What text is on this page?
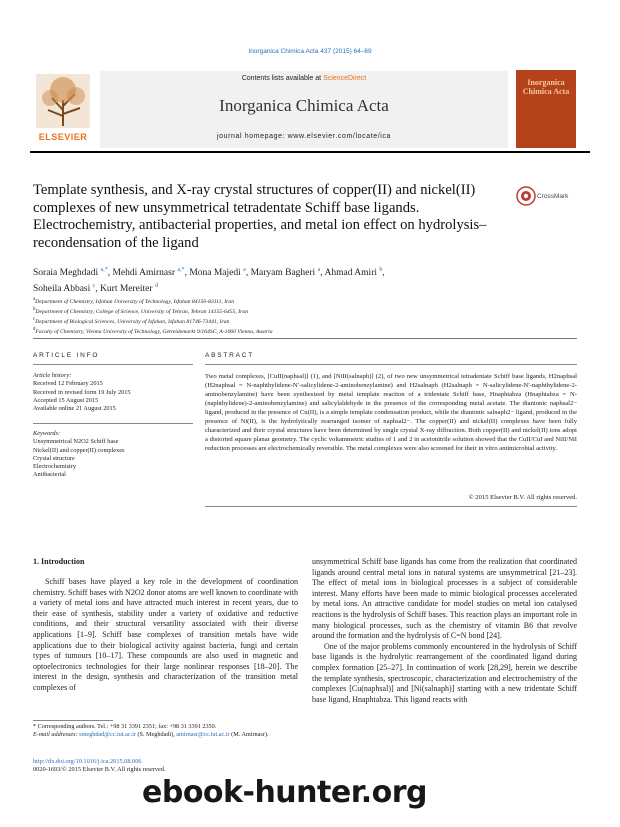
Inorganica Chimica Acta 437 (2015) 64–69
ELSEVIER
Contents lists available at ScienceDirect
Inorganica Chimica Acta
journal homepage: www.elsevier.com/locate/ica
Inorganica Chimica Acta
Template synthesis, and X-ray crystal structures of copper(II) and nickel(II) complexes of new unsymmetrical tetradentate Schiff base ligands. Electrochemistry, antibacterial properties, and metal ion effect on hydrolysis–recondensation of the ligand
CrossMark
Soraia Meghdadi $^{a,*}$, Mehdi Amirnasr $^{a,*}$, Mona Majedi $^a$, Maryam Bagheri $^a$, Ahmad Amiri $^b$,
Soheila Abbasi $^c$, Kurt Mereiter $^d$
$^a$Department of Chemistry, Isfahan University of Technology, Isfahan 84156-83111, Iran
$^b$Department of Chemistry, College of Science, University of Tehran, Tehran 14155-6455, Iran
$^c$Department of Biological Sciences, University of Isfahan, Isfahan 81746-73441, Iran
$^d$Faculty of Chemistry, Vienna University of Technology, Getreidemarkt 9/164SC, A-1060 Vienna, Austria
ARTICLE INFO	ABSTRACT
Article history:
Received 12 February 2015
Received in revised form 19 July 2015
Accepted 15 August 2015
Available online 21 August 2015
Keywords:
Unsymmetrical N2O2 Schiff base
Nickel(II) and copper(II) complexes
Crystal structure
Electrochemistry
Antibacterial

Two metal complexes, [CuII(naphsal)] (1), and [NiII(salnaph)] (2), of two new unsymmetrical tetradentate Schiff base ligands, H2naphsal (H2naphsal = N-naphthylidene-N′-salicylidene-2-aminobenzylamine) and H2salnaph (H2salnaph = N-salicylidene-N′-naphthylidene-2-aminobenzylamine) have been synthesized by metal template reaction of a tridentate Schiff base, Hnaphtabza (Hnaphtabza = N-(naphthylidene)-2-aminobenzylamine) and salicylaldehyde in the presence of the corresponding metal acetate. The dianionic naphsal2− ligand, produced in the presence of Cu(II), is a simple template condensation product, while the dianionic salnaph2− ligand, produced in the presence of Ni(II), is the hydrolytically rearranged isomer of naphsal2−. The copper(II) and nickel(II) complexes have been fully characterized and their crystal structures have been determined by single crystal X-ray diffraction. Both copper(II) and nickel(II) ions adopt a distorted square planar geometry. The cyclic voltammetric studies of 1 and 2 in acetonitrile solution showed that the CuII/CuI and NiII/NiI reduction processes are electrochemically reversible. The metal complexes were also screened for their in vitro antimicrobial activity.

© 2015 Elsevier B.V. All rights reserved.
1. Introduction

Schiff bases have played a key role in the development of coordination chemistry. Schiff bases with N2O2 donor atoms are well known to coordinate with a variety of metal ions and have attracted much interest in recent years, due to their ease of synthesis, stability under a variety of oxidative and reductive conditions, and their structural versatility associated with their diverse applications [1–9]. Schiff base complexes of transition metals have wide applications due to their biological activity against bacteria, fungi and certain types of tumours [10–17]. These compounds are also used in magnetic and optoelectronics technologies for their large nonlinear responses [18–20]. The interest in the design, synthesis and characterization of the transition metal complexes of

unsymmetrical Schiff base ligands has come from the realization that coordinated ligands around central metal ions in natural systems are unsymmetrical [21–23]. The effect of metal ions in biological processes is a subject of considerable interest. Many efforts have been made to mimic biological processes accelerated by metal ions. An attractive candidate for model studies on metal ion catalysed reactions is the hydrolysis of Schiff bases. This reaction plays an important role in many biological processes, such as the chemistry of vitamin B6 that revolve around the formation and the hydrolysis of C=N bond [24].

One of the major problems commonly encountered in the hydrolysis of Schiff base ligands is the hydrolytic rearrangement of the coordinated ligand during complex formation [25–27]. In continuation of work [28,29], herein we describe the template synthesis, spectroscopic, characterization and electrochemistry of the complexes [Cu(naphsal)] and [Ni(salnaph)] starting with a new tridentate Schiff base ligand, Hnaphtabza. This ligand reacts with

* Corresponding authors. Tel.: +98 31 3391 2351; fax: +98 31 3391 2350.
E-mail addresses: smeghdad@cc.iut.ac.ir (S. Meghdadi), amirnasr@cc.iut.ac.ir (M. Amirnasr).
http://dx.doi.org/10.1016/j.ica.2015.08.006
0020-1693/© 2015 Elsevier B.V. All rights reserved.
ebook-hunter.org
